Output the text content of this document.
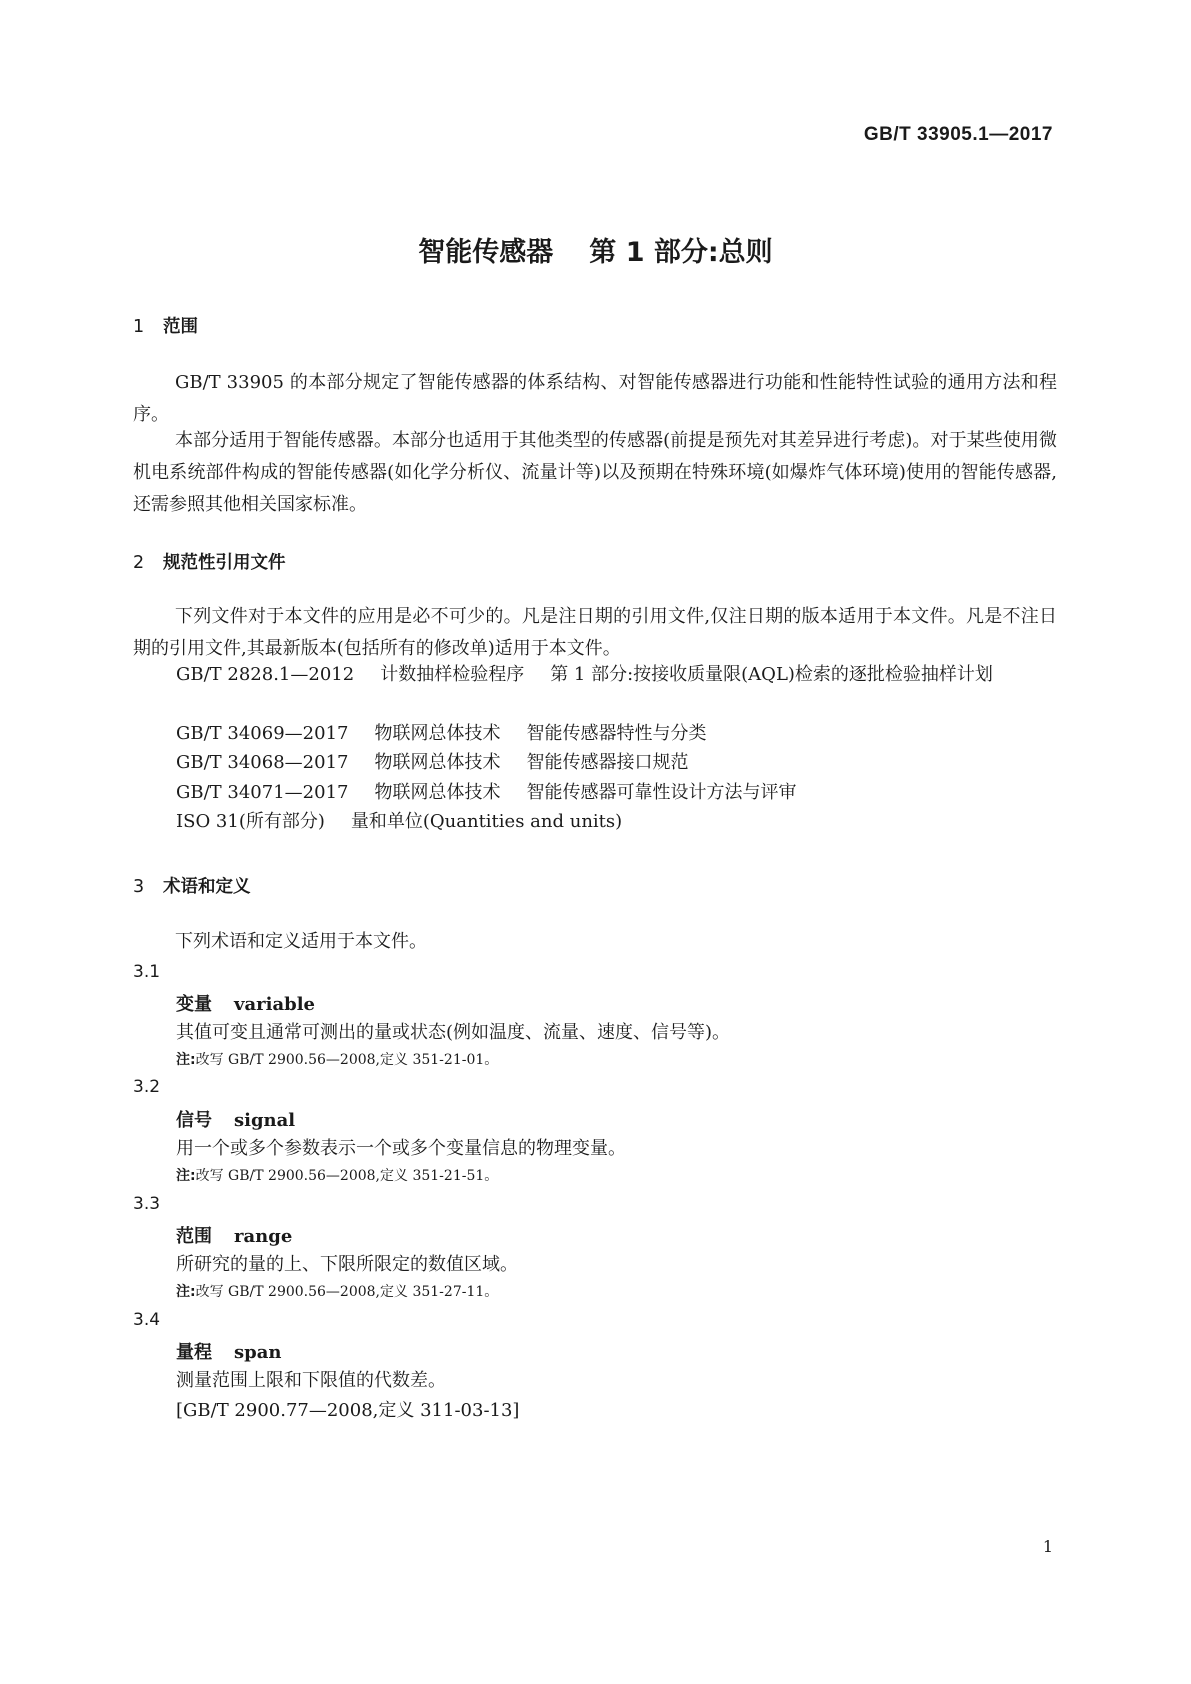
GB/T 33905.1—2017
智能传感器 第 1 部分:总则
1 范围
GB/T 33905 的本部分规定了智能传感器的体系结构、对智能传感器进行功能和性能特性试验的通用方法和程序。
本部分适用于智能传感器。本部分也适用于其他类型的传感器(前提是预先对其差异进行考虑)。对于某些使用微机电系统部件构成的智能传感器(如化学分析仪、流量计等)以及预期在特殊环境(如爆炸气体环境)使用的智能传感器,还需参照其他相关国家标准。
2 规范性引用文件
下列文件对于本文件的应用是必不可少的。凡是注日期的引用文件,仅注日期的版本适用于本文件。凡是不注日期的引用文件,其最新版本(包括所有的修改单)适用于本文件。
GB/T 2828.1—2012 计数抽样检验程序 第 1 部分:按接收质量限(AQL)检索的逐批检验抽样计划
GB/T 34069—2017 物联网总体技术 智能传感器特性与分类
GB/T 34068—2017 物联网总体技术 智能传感器接口规范
GB/T 34071—2017 物联网总体技术 智能传感器可靠性设计方法与评审
ISO 31(所有部分) 量和单位(Quantities and units)
3 术语和定义
下列术语和定义适用于本文件。
3.1
变量 variable
其值可变且通常可测出的量或状态(例如温度、流量、速度、信号等)。
注:改写 GB/T 2900.56—2008,定义 351-21-01。
3.2
信号 signal
用一个或多个参数表示一个或多个变量信息的物理变量。
注:改写 GB/T 2900.56—2008,定义 351-21-51。
3.3
范围 range
所研究的量的上、下限所限定的数值区域。
注:改写 GB/T 2900.56—2008,定义 351-27-11。
3.4
量程 span
测量范围上限和下限值的代数差。
[GB/T 2900.77—2008,定义 311-03-13]
1
